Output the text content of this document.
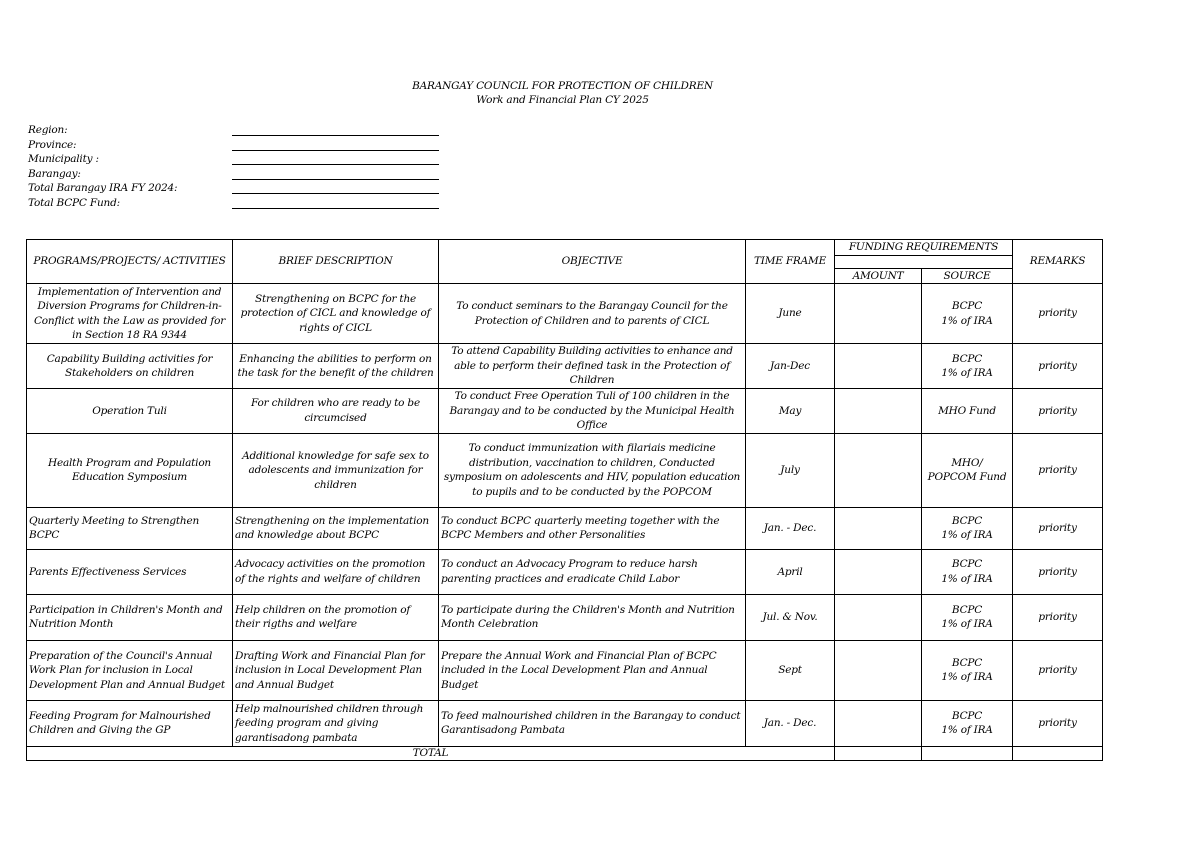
BARANGAY COUNCIL FOR PROTECTION OF CHILDREN
Work and Financial Plan CY 2025
Region:
Province:
Municipality :
Barangay:
Total Barangay IRA FY 2024:
Total BCPC Fund:
PROGRAMS/PROJECTS/ ACTIVITIES	BRIEF DESCRIPTION	OBJECTIVE	TIME FRAME	FUNDING REQUIREMENTS		REMARKS

				AMOUNT	SOURCE	
Implementation of Intervention and Diversion Programs for Children-in-Conflict with the Law as provided for in Section 18 RA 9344	Strengthening on BCPC for the protection of CICL and knowledge of rights of CICL	To conduct seminars to the Barangay Council for the Protection of Children and to parents of CICL	June		BCPC
1% of IRA	priority
Capability Building activities for Stakeholders on children	Enhancing the abilities to perform on the task for the benefit of the children	To attend Capability Building activities to enhance and able to perform their defined task in the Protection of Children	Jan-Dec		BCPC
1% of IRA	priority
Operation Tuli	For children who are ready to be circumcised	To conduct Free Operation Tuli of 100 children in the Barangay and to be conducted by the Municipal Health Office	May		MHO Fund	priority
Health Program and Population Education Symposium	Additional knowledge for safe sex to adolescents and immunization for children	To conduct immunization with filariais medicine distribution, vaccination to children, Conducted symposium on adolescents and HIV, population education to pupils and to be conducted by the POPCOM	July		MHO/
POPCOM Fund	priority
Quarterly Meeting to Strengthen BCPC	Strengthening on the implementation and knowledge about BCPC	To conduct BCPC quarterly meeting together with the BCPC Members and other Personalities	Jan. - Dec.		BCPC
1% of IRA	priority
Parents Effectiveness Services	Advocacy activities on the promotion of the rights and welfare of children	To conduct an Advocacy Program to reduce harsh parenting practices and eradicate Child Labor	April		BCPC
1% of IRA	priority
Participation in Children's Month and Nutrition Month	Help children on the promotion of their rigths and welfare	To participate during the Children's Month and Nutrition Month Celebration	Jul. & Nov.		BCPC
1% of IRA	priority
Preparation of the Council's Annual Work Plan for inclusion in Local Development Plan and Annual Budget	Drafting Work and Financial Plan for inclusion in Local Development Plan and Annual Budget	Prepare the Annual Work and Financial Plan of BCPC included in the Local Development Plan and Annual Budget	Sept		BCPC
1% of IRA	priority
Feeding Program for Malnourished Children and Giving the GP	Help malnourished children through feeding program and giving garantisadong pambata	To feed malnourished children in the Barangay to conduct Garantisadong Pambata	Jan. - Dec.		BCPC
1% of IRA	priority
TOTAL						
